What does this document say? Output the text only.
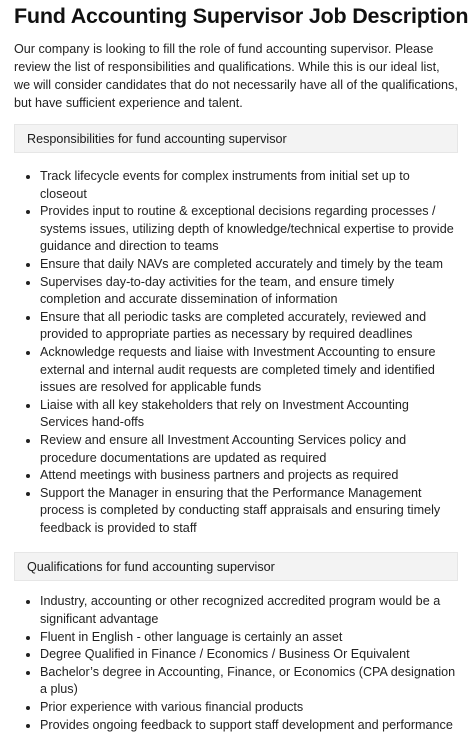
Fund Accounting Supervisor Job Description

Our company is looking to fill the role of fund accounting supervisor. Please review the list of responsibilities and qualifications. While this is our ideal list, we will consider candidates that do not necessarily have all of the qualifications, but have sufficient experience and talent.

Responsibilities for fund accounting supervisor
Track lifecycle events for complex instruments from initial set up to closeout
Provides input to routine & exceptional decisions regarding processes / systems issues, utilizing depth of knowledge/technical expertise to provide guidance and direction to teams
Ensure that daily NAVs are completed accurately and timely by the team
Supervises day-to-day activities for the team, and ensure timely completion and accurate dissemination of information
Ensure that all periodic tasks are completed accurately, reviewed and provided to appropriate parties as necessary by required deadlines
Acknowledge requests and liaise with Investment Accounting to ensure external and internal audit requests are completed timely and identified issues are resolved for applicable funds
Liaise with all key stakeholders that rely on Investment Accounting Services hand-offs
Review and ensure all Investment Accounting Services policy and procedure documentations are updated as required
Attend meetings with business partners and projects as required
Support the Manager in ensuring that the Performance Management process is completed by conducting staff appraisals and ensuring timely feedback is provided to staff
Qualifications for fund accounting supervisor
Industry, accounting or other recognized accredited program would be a significant advantage
Fluent in English - other language is certainly an asset
Degree Qualified in Finance / Economics / Business Or Equivalent
Bachelor’s degree in Accounting, Finance, or Economics (CPA designation a plus)
Prior experience with various financial products
Provides ongoing feedback to support staff development and performance
